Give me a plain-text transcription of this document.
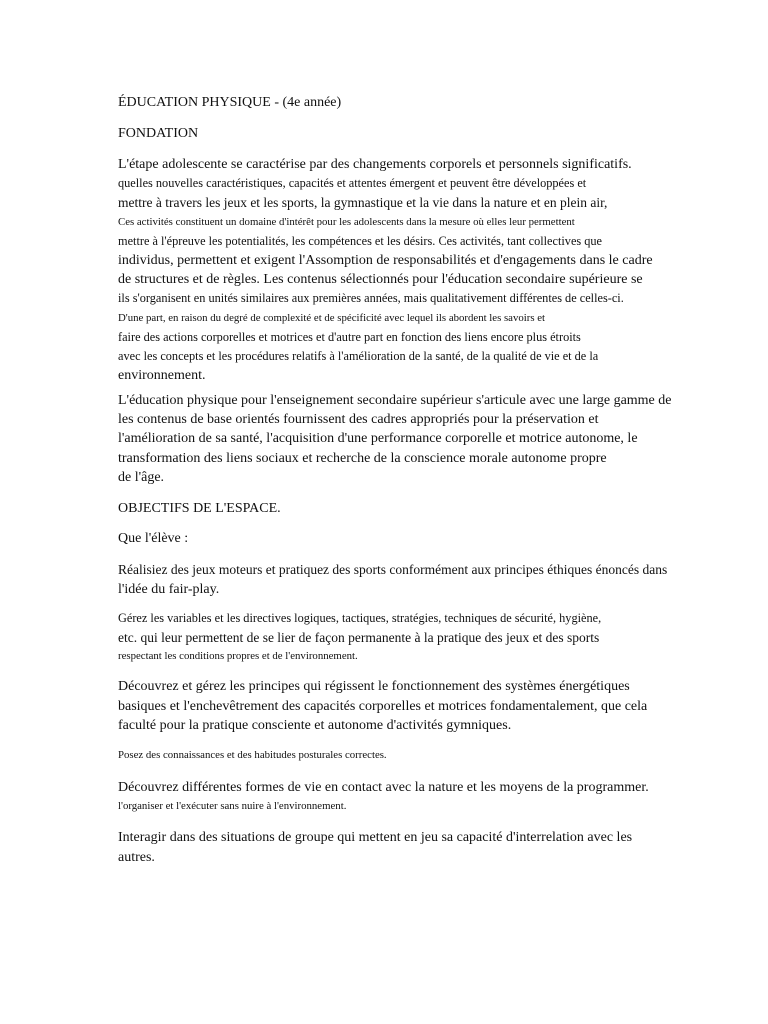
ÉDUCATION PHYSIQUE - (4e année)

FONDATION

L'étape adolescente se caractérise par des changements corporels et personnels significatifs.
quelles nouvelles caractéristiques, capacités et attentes émergent et peuvent être développées et
mettre à travers les jeux et les sports, la gymnastique et la vie dans la nature et en plein air,
Ces activités constituent un domaine d'intérêt pour les adolescents dans la mesure où elles leur permettent
mettre à l'épreuve les potentialités, les compétences et les désirs. Ces activités, tant collectives que
individus, permettent et exigent l'Assomption de responsabilités et d'engagements dans le cadre
de structures et de règles. Les contenus sélectionnés pour l'éducation secondaire supérieure se
ils s'organisent en unités similaires aux premières années, mais qualitativement différentes de celles-ci.
D'une part, en raison du degré de complexité et de spécificité avec lequel ils abordent les savoirs et
faire des actions corporelles et motrices et d'autre part en fonction des liens encore plus étroits
avec les concepts et les procédures relatifs à l'amélioration de la santé, de la qualité de vie et de la
environnement.
L'éducation physique pour l'enseignement secondaire supérieur s'articule avec une large gamme de
les contenus de base orientés fournissent des cadres appropriés pour la préservation et
l'amélioration de sa santé, l'acquisition d'une performance corporelle et motrice autonome, le
transformation des liens sociaux et recherche de la conscience morale autonome propre
de l'âge.

OBJECTIFS DE L'ESPACE.

Que l'élève :

Réalisiez des jeux moteurs et pratiquez des sports conformément aux principes éthiques énoncés dans
l'idée du fair-play.
Gérez les variables et les directives logiques, tactiques, stratégies, techniques de sécurité, hygiène,
etc. qui leur permettent de se lier de façon permanente à la pratique des jeux et des sports
respectant les conditions propres et de l'environnement.
Découvrez et gérez les principes qui régissent le fonctionnement des systèmes énergétiques
basiques et l'enchevêtrement des capacités corporelles et motrices fondamentalement, que cela
faculté pour la pratique consciente et autonome d'activités gymniques.
Posez des connaissances et des habitudes posturales correctes.
Découvrez différentes formes de vie en contact avec la nature et les moyens de la programmer.
l'organiser et l'exécuter sans nuire à l'environnement.
Interagir dans des situations de groupe qui mettent en jeu sa capacité d'interrelation avec les
autres.
